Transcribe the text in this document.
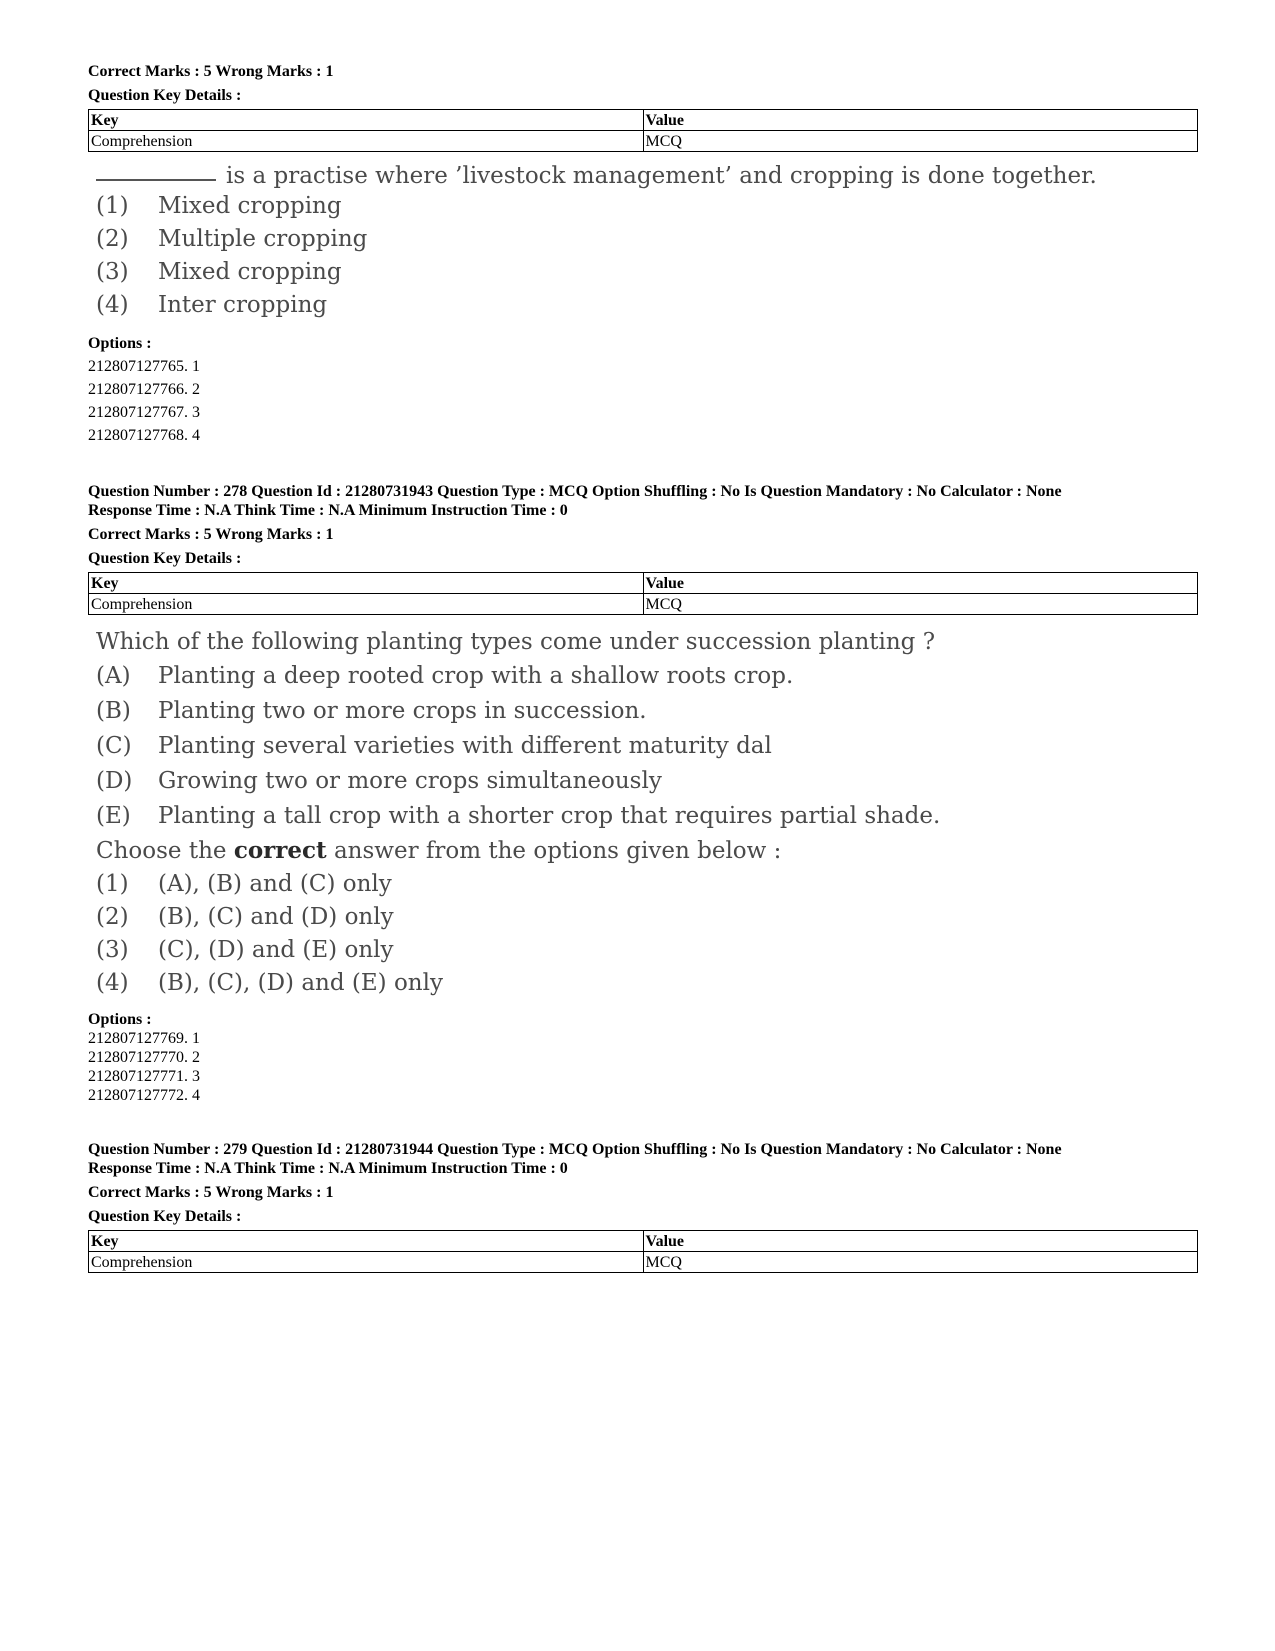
Correct Marks : 5 Wrong Marks : 1
Question Key Details :
Key	Value
Comprehension	MCQ
is a practise where ’livestock management’ and cropping is done together.
(1)	Mixed cropping
(2)	Multiple cropping
(3)	Mixed cropping
(4)	Inter cropping
Options :
212807127765. 1
212807127766. 2
212807127767. 3
212807127768. 4
Question Number : 278 Question Id : 21280731943 Question Type : MCQ Option Shuffling : No Is Question Mandatory : No Calculator : None
Response Time : N.A Think Time : N.A Minimum Instruction Time : 0
Correct Marks : 5 Wrong Marks : 1
Question Key Details :
Key	Value
Comprehension	MCQ
Which of the following planting types come under succession planting ?
(A)	Planting a deep rooted crop with a shallow roots crop.
(B)	Planting two or more crops in succession.
(C)	Planting several varieties with different maturity dal
(D)	Growing two or more crops simultaneously
(E)	Planting a tall crop with a shorter crop that requires partial shade.
Choose the correct answer from the options given below :
(1)	(A), (B) and (C) only
(2)	(B), (C) and (D) only
(3)	(C), (D) and (E) only
(4)	(B), (C), (D) and (E) only
Options :
212807127769. 1
212807127770. 2
212807127771. 3
212807127772. 4
Question Number : 279 Question Id : 21280731944 Question Type : MCQ Option Shuffling : No Is Question Mandatory : No Calculator : None
Response Time : N.A Think Time : N.A Minimum Instruction Time : 0
Correct Marks : 5 Wrong Marks : 1
Question Key Details :
Key	Value
Comprehension	MCQ
